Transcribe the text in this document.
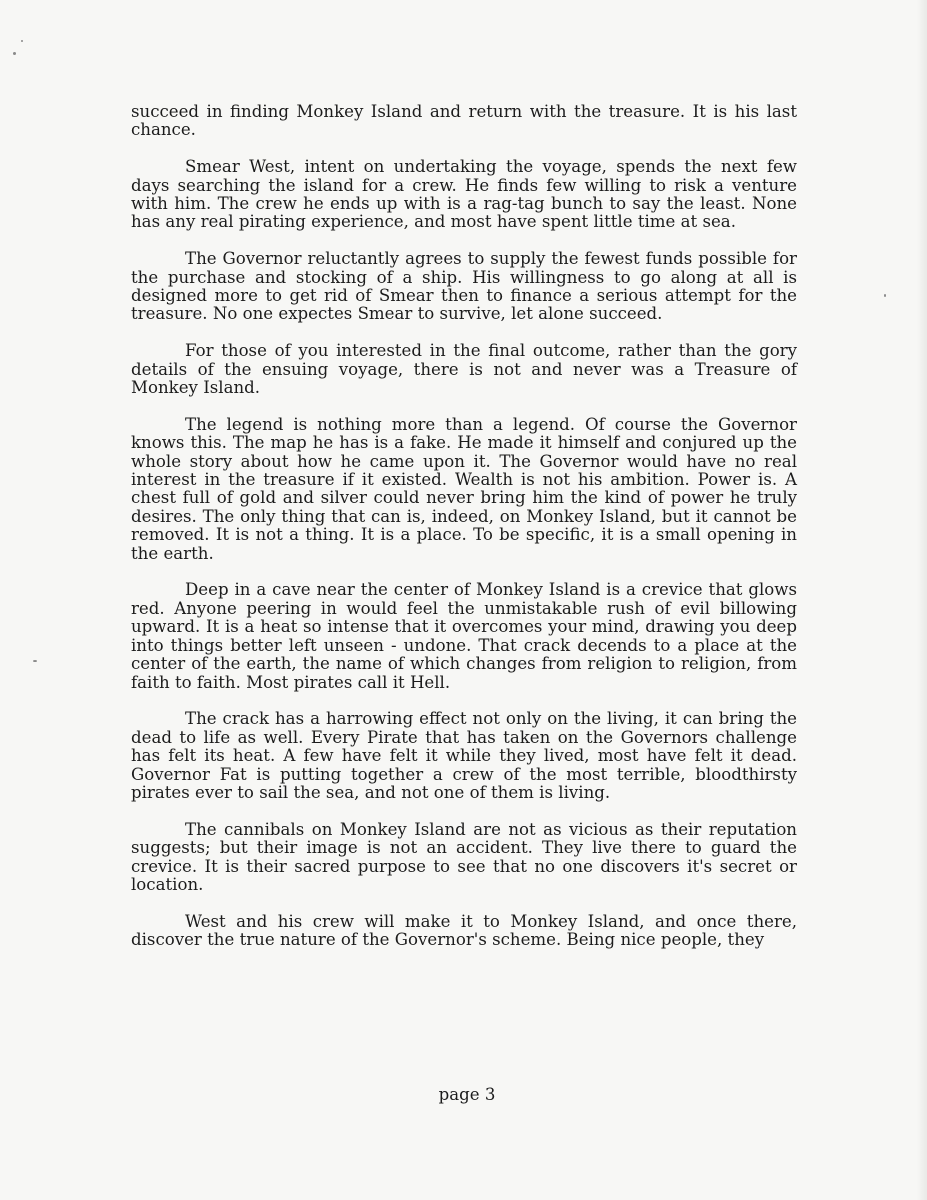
succeed in finding Monkey Island and return with the treasure. It is his last chance.

Smear West, intent on undertaking the voyage, spends the next few days searching the island for a crew. He finds few willing to risk a venture with him. The crew he ends up with is a rag-tag bunch to say the least. None has any real pirating experience, and most have spent little time at sea.

The Governor reluctantly agrees to supply the fewest funds possible for the purchase and stocking of a ship. His willingness to go along at all is designed more to get rid of Smear then to finance a serious attempt for the treasure. No one expectes Smear to survive, let alone succeed.

For those of you interested in the final outcome, rather than the gory details of the ensuing voyage, there is not and never was a Treasure of Monkey Island.

The legend is nothing more than a legend. Of course the Governor knows this. The map he has is a fake. He made it himself and conjured up the whole story about how he came upon it. The Governor would have no real interest in the treasure if it existed. Wealth is not his ambition. Power is. A chest full of gold and silver could never bring him the kind of power he truly desires. The only thing that can is, indeed, on Monkey Island, but it cannot be removed. It is not a thing. It is a place. To be specific, it is a small opening in the earth.

Deep in a cave near the center of Monkey Island is a crevice that glows red. Anyone peering in would feel the unmistakable rush of evil billowing upward. It is a heat so intense that it overcomes your mind, drawing you deep into things better left unseen - undone. That crack decends to a place at the center of the earth, the name of which changes from religion to religion, from faith to faith. Most pirates call it Hell.

The crack has a harrowing effect not only on the living, it can bring the dead to life as well. Every Pirate that has taken on the Governors challenge has felt its heat. A few have felt it while they lived, most have felt it dead. Governor Fat is putting together a crew of the most terrible, bloodthirsty pirates ever to sail the sea, and not one of them is living.

The cannibals on Monkey Island are not as vicious as their reputation suggests; but their image is not an accident. They live there to guard the crevice. It is their sacred purpose to see that no one discovers it's secret or location.

West and his crew will make it to Monkey Island, and once there, discover the true nature of the Governor's scheme. Being nice people, they

page 3
